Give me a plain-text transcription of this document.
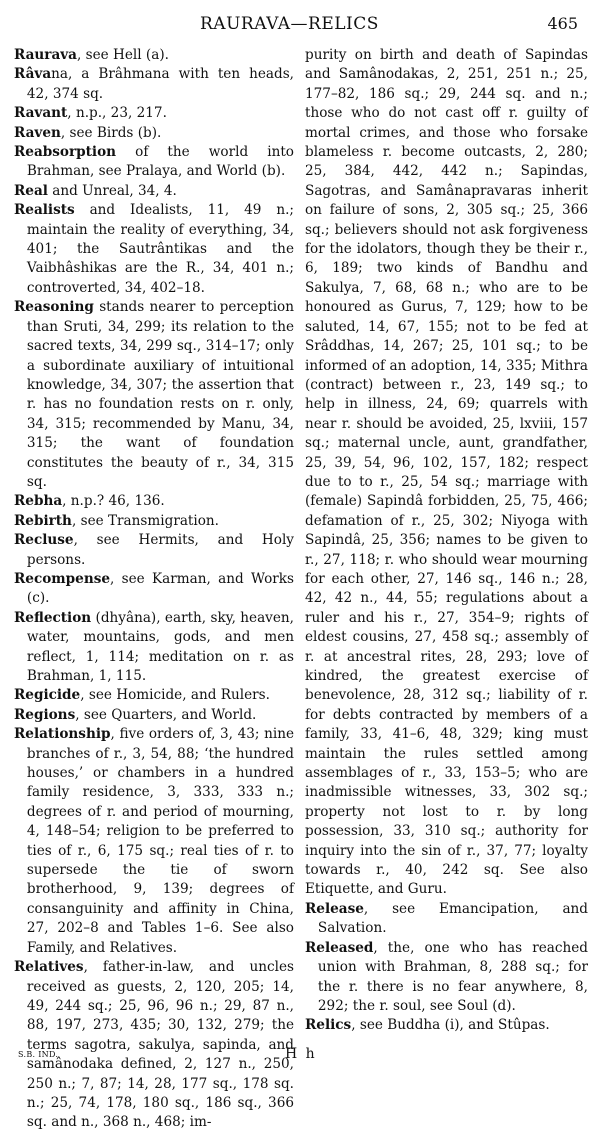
RAURAVA—RELICS	465

Raurava, see Hell (a).

Râvana, a Brâhmana with ten heads, 42, 374 sq.

Ravant, n.p., 23, 217.

Raven, see Birds (b).

Reabsorption of the world into Brahman, see Pralaya, and World (b).

Real and Unreal, 34, 4.

Realists and Idealists, 11, 49 n.; maintain the reality of everything, 34, 401; the Sautrântikas and the Vaibhâshikas are the R., 34, 401 n.; controverted, 34, 402–18.

Reasoning stands nearer to perception than Sruti, 34, 299; its relation to the sacred texts, 34, 299 sq., 314–17; only a subordinate auxiliary of intuitional knowledge, 34, 307; the assertion that r. has no foundation rests on r. only, 34, 315; recommended by Manu, 34, 315; the want of foundation constitutes the beauty of r., 34, 315 sq.

Rebha, n.p.? 46, 136.

Rebirth, see Transmigration.

Recluse, see Hermits, and Holy persons.

Recompense, see Karman, and Works (c).

Reflection (dhyâna), earth, sky, heaven, water, mountains, gods, and men reflect, 1, 114; meditation on r. as Brahman, 1, 115.

Regicide, see Homicide, and Rulers.

Regions, see Quarters, and World.

Relationship, five orders of, 3, 43; nine branches of r., 3, 54, 88; ‘the hundred houses,’ or chambers in a hundred family residence, 3, 333, 333 n.; degrees of r. and period of mourning, 4, 148–54; religion to be preferred to ties of r., 6, 175 sq.; real ties of r. to supersede the tie of sworn brotherhood, 9, 139; degrees of consanguinity and affinity in China, 27, 202–8 and Tables 1–6. See also Family, and Relatives.

Relatives, father-in-law, and uncles received as guests, 2, 120, 205; 14, 49, 244 sq.; 25, 96, 96 n.; 29, 87 n., 88, 197, 273, 435; 30, 132, 279; the terms sagotra, sakulya, sapinda, and samânodaka defined, 2, 127 n., 250, 250 n.; 7, 87; 14, 28, 177 sq., 178 sq. n.; 25, 74, 178, 180 sq., 186 sq., 366 sq. and n., 368 n., 468; im-

purity on birth and death of Sapindas and Samânodakas, 2, 251, 251 n.; 25, 177–82, 186 sq.; 29, 244 sq. and n.; those who do not cast off r. guilty of mortal crimes, and those who forsake blameless r. become outcasts, 2, 280; 25, 384, 442, 442 n.; Sapindas, Sagotras, and Samânapravaras inherit on failure of sons, 2, 305 sq.; 25, 366 sq.; believers should not ask forgiveness for the idolators, though they be their r., 6, 189; two kinds of Bandhu and Sakulya, 7, 68, 68 n.; who are to be honoured as Gurus, 7, 129; how to be saluted, 14, 67, 155; not to be fed at Srâddhas, 14, 267; 25, 101 sq.; to be informed of an adoption, 14, 335; Mithra (contract) between r., 23, 149 sq.; to help in illness, 24, 69; quarrels with near r. should be avoided, 25, lxviii, 157 sq.; maternal uncle, aunt, grandfather, 25, 39, 54, 96, 102, 157, 182; respect due to to r., 25, 54 sq.; marriage with (female) Sapindâ forbidden, 25, 75, 466; defamation of r., 25, 302; Niyoga with Sapindâ, 25, 356; names to be given to r., 27, 118; r. who should wear mourning for each other, 27, 146 sq., 146 n.; 28, 42, 42 n., 44, 55; regulations about a ruler and his r., 27, 354–9; rights of eldest cousins, 27, 458 sq.; assembly of r. at ancestral rites, 28, 293; love of kindred, the greatest exercise of benevolence, 28, 312 sq.; liability of r. for debts contracted by members of a family, 33, 41–6, 48, 329; king must maintain the rules settled among assemblages of r., 33, 153–5; who are inadmissible witnesses, 33, 302 sq.; property not lost to r. by long possession, 33, 310 sq.; authority for inquiry into the sin of r., 37, 77; loyalty towards r., 40, 242 sq. See also Etiquette, and Guru.

Release, see Emancipation, and Salvation.

Released, the, one who has reached union with Brahman, 8, 288 sq.; for the r. there is no fear anywhere, 8, 292; the r. soul, see Soul (d).

Relics, see Buddha (i), and Stûpas.

S.B. IND.	H h
